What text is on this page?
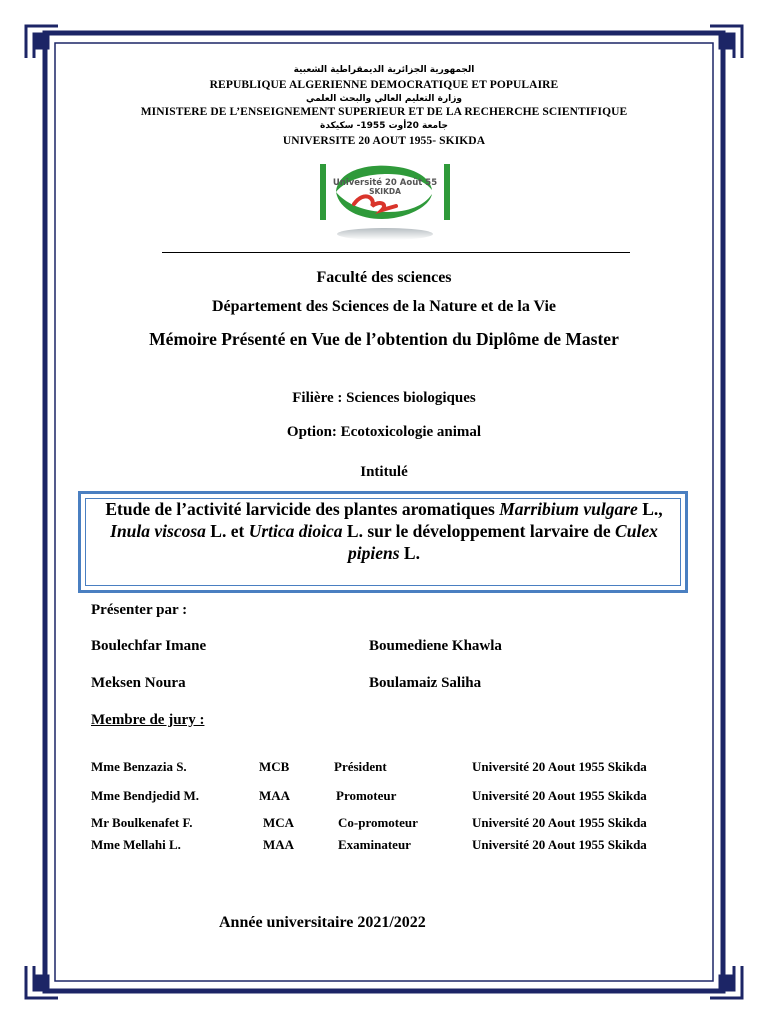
الجمهورية الجزائرية الديمقراطية الشعبية
REPUBLIQUE ALGERIENNE DEMOCRATIQUE ET POPULAIRE
وزارة التعليم العالي والبحث العلمي
MINISTERE DE L’ENSEIGNEMENT SUPERIEUR ET DE LA RECHERCHE SCIENTIFIQUE
جامعة 20أوت 1955- سكيكدة
UNIVERSITE 20 AOUT 1955- SKIKDA
Université 20 Août 55
SKIKDA
Faculté des sciences
Département des Sciences de la Nature et de la Vie
Mémoire Présenté en Vue de l’obtention du Diplôme de Master
Filière : Sciences biologiques
Option: Ecotoxicologie animal
Intitulé
Etude de l’activité larvicide des plantes aromatiques Marribium vulgare L., Inula viscosa L. et Urtica dioica L. sur le développement larvaire de Culex pipiens L.
Présenter par :
Boulechfar Imane	Boumediene Khawla
Meksen Noura	Boulamaiz Saliha
Membre de jury :
Mme Benzazia S.	MCB	Président	Université 20 Aout 1955 Skikda
Mme Bendjedid M.	MAA	Promoteur	Université 20 Aout 1955 Skikda
Mr Boulkenafet F.	MCA	Co-promoteur	Université 20 Aout 1955 Skikda
Mme Mellahi L.	MAA	Examinateur	Université 20 Aout 1955 Skikda
Année universitaire 2021/2022
